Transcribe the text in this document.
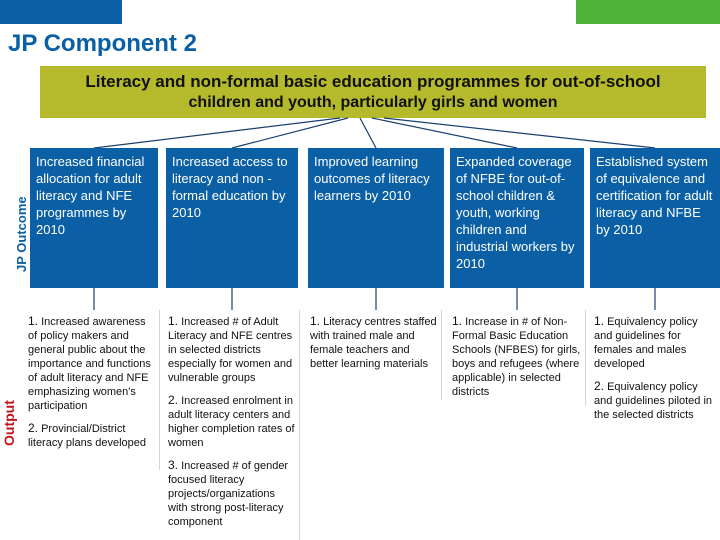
JP Component 2
Literacy and non-formal basic education programmes for out-of-school
children and youth, particularly girls and women
JP Outcome
Output
Increased financial allocation for adult literacy and NFE programmes by 2010
Increased access to literacy and non -formal education by 2010
Improved learning outcomes of literacy learners by 2010
Expanded coverage of NFBE for out-of-school children & youth, working children and industrial workers by 2010
Established system of equivalence and certification for adult literacy and NFBE by 2010

1. Increased awareness of policy makers and general public about the importance and functions of adult literacy and NFE emphasizing women's participation

2. Provincial/District literacy plans developed

1. Increased # of Adult Literacy and NFE centres in selected districts especially for women and vulnerable groups

2. Increased enrolment in adult literacy centers and higher completion rates of women

3. Increased # of gender focused literacy projects/organizations with strong post-literacy component

1. Literacy centres staffed with trained male and female teachers and better learning materials

1. Increase in # of Non-Formal Basic Education Schools (NFBES) for girls, boys and refugees (where applicable) in selected districts

1. Equivalency policy and guidelines for females and males developed

2. Equivalency policy and guidelines piloted in the selected districts
